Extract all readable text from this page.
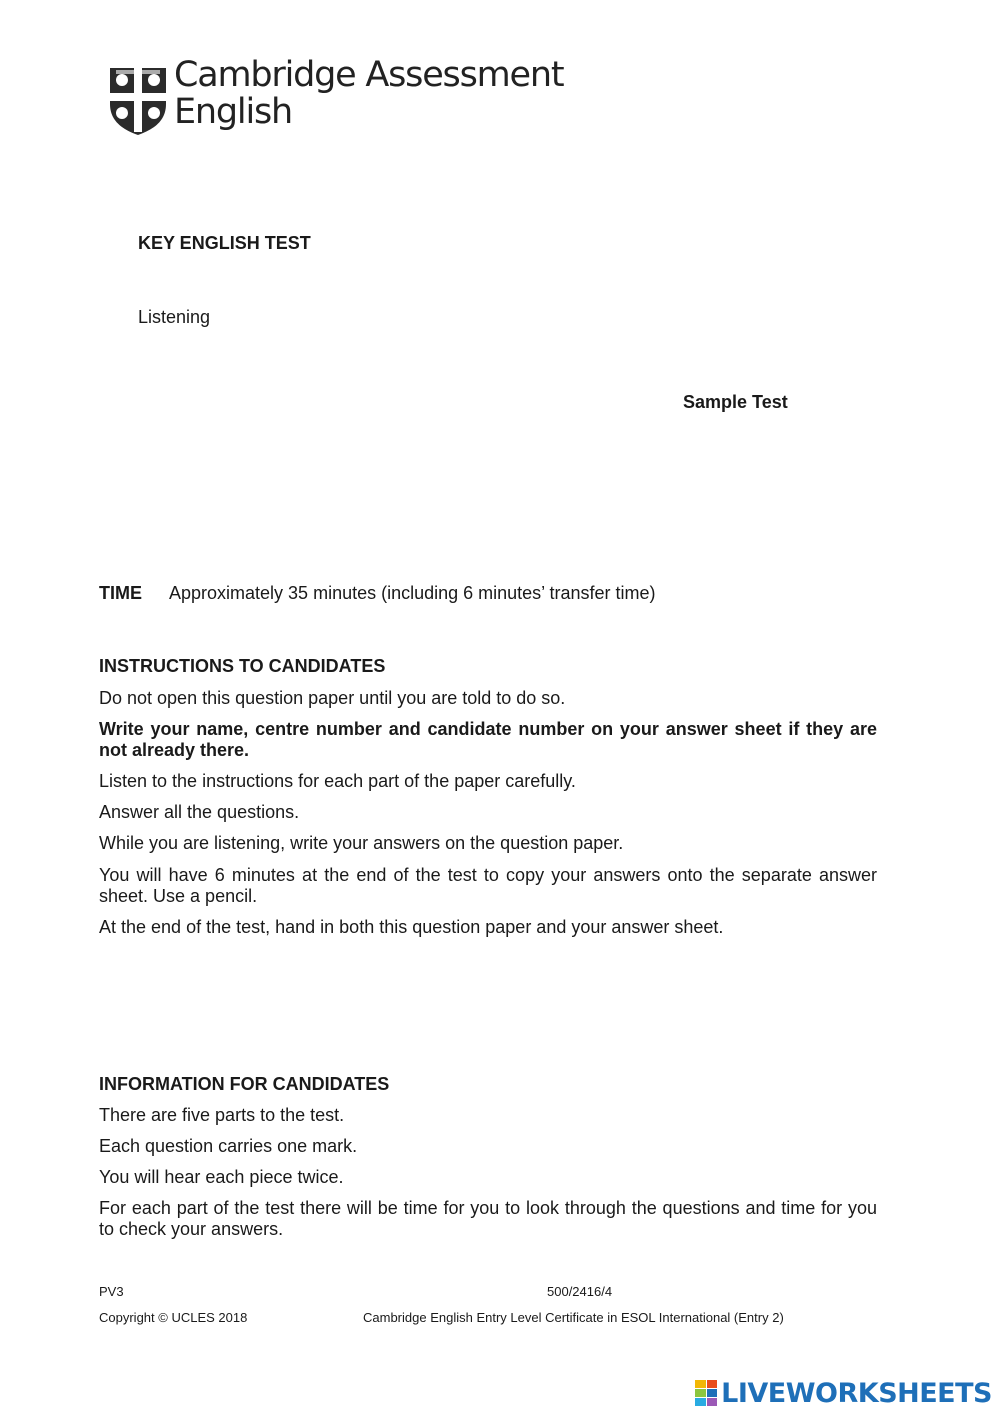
Cambridge Assessment
English
KEY ENGLISH TEST
Listening
Sample Test
TIME Approximately 35 minutes (including 6 minutes’ transfer time)

INSTRUCTIONS TO CANDIDATES

Do not open this question paper until you are told to do so.

Write your name, centre number and candidate number on your answer sheet if they are not already there.

Listen to the instructions for each part of the paper carefully.

Answer all the questions.

While you are listening, write your answers on the question paper.

You will have 6 minutes at the end of the test to copy your answers onto the separate answer sheet. Use a pencil.

At the end of the test, hand in both this question paper and your answer sheet.

INFORMATION FOR CANDIDATES

There are five parts to the test.

Each question carries one mark.

You will hear each piece twice.

For each part of the test there will be time for you to look through the questions and time for you to check your answers.

PV3	500/2416/4
Copyright © UCLES 2018	Cambridge English Entry Level Certificate in ESOL International (Entry 2)
LIVEWORKSHEETS
